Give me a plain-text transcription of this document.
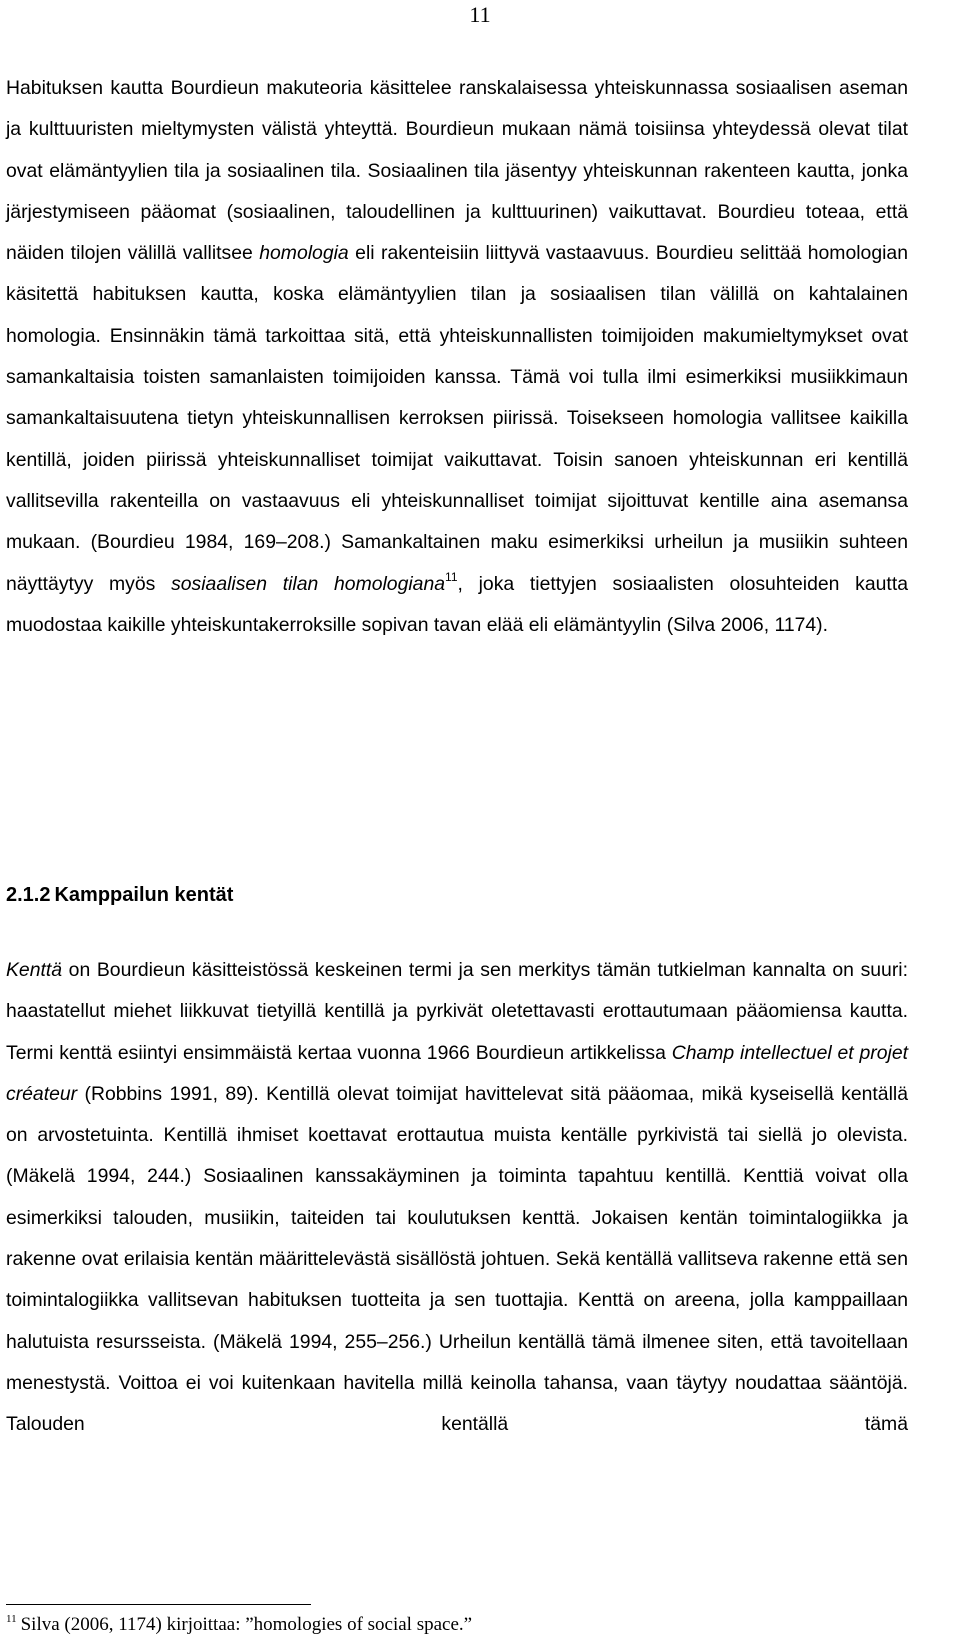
11

Habituksen kautta Bourdieun makuteoria käsittelee ranskalaisessa yhteiskunnassa sosiaalisen aseman ja kulttuuristen mieltymysten välistä yhteyttä. Bourdieun mukaan nämä toisiinsa yhteydessä olevat tilat ovat elämäntyylien tila ja sosiaalinen tila. Sosiaalinen tila jäsentyy yhteiskunnan rakenteen kautta, jonka järjestymiseen pääomat (sosiaalinen, taloudellinen ja kulttuurinen) vaikuttavat. Bourdieu toteaa, että näiden tilojen välillä vallitsee homologia eli rakenteisiin liittyvä vastaavuus. Bourdieu selittää homologian käsitettä habituksen kautta, koska elämäntyylien tilan ja sosiaalisen tilan välillä on kahtalainen homologia. Ensinnäkin tämä tarkoittaa sitä, että yhteiskunnallisten toimijoiden makumieltymykset ovat samankaltaisia toisten samanlaisten toimijoiden kanssa. Tämä voi tulla ilmi esimerkiksi musiikkimaun samankaltaisuutena tietyn yhteiskunnallisen kerroksen piirissä. Toisekseen homologia vallitsee kaikilla kentillä, joiden piirissä yhteiskunnalliset toimijat vaikuttavat. Toisin sanoen yhteiskunnan eri kentillä vallitsevilla rakenteilla on vastaavuus eli yhteiskunnalliset toimijat sijoittuvat kentille aina asemansa mukaan. (Bourdieu 1984, 169–208.) Samankaltainen maku esimerkiksi urheilun ja musiikin suhteen näyttäytyy myös sosiaalisen tilan homologiana$^{11}$, joka tiettyjen sosiaalisten olosuhteiden kautta muodostaa kaikille yhteiskuntakerroksille sopivan tavan elää eli elämäntyylin (Silva 2006, 1174).

2.1.2 Kamppailun kentät

Kenttä on Bourdieun käsitteistössä keskeinen termi ja sen merkitys tämän tutkielman kannalta on suuri: haastatellut miehet liikkuvat tietyillä kentillä ja pyrkivät oletettavasti erottautumaan pääomiensa kautta. Termi kenttä esiintyi ensimmäistä kertaa vuonna 1966 Bourdieun artikkelissa Champ intellectuel et projet créateur (Robbins 1991, 89). Kentillä olevat toimijat havittelevat sitä pääomaa, mikä kyseisellä kentällä on arvostetuinta. Kentillä ihmiset koettavat erottautua muista kentälle pyrkivistä tai siellä jo olevista. (Mäkelä 1994, 244.) Sosiaalinen kanssakäyminen ja toiminta tapahtuu kentillä. Kenttiä voivat olla esimerkiksi talouden, musiikin, taiteiden tai koulutuksen kenttä. Jokaisen kentän toimintalogiikka ja rakenne ovat erilaisia kentän määrittelevästä sisällöstä johtuen. Sekä kentällä vallitseva rakenne että sen toimintalogiikka vallitsevan habituksen tuotteita ja sen tuottajia. Kenttä on areena, jolla kamppaillaan halutuista resursseista. (Mäkelä 1994, 255–256.) Urheilun kentällä tämä ilmenee siten, että tavoitellaan menestystä. Voittoa ei voi kuitenkaan havitella millä keinolla tahansa, vaan täytyy noudattaa sääntöjä. Talouden kentällä tämä

$^{11}$ Silva (2006, 1174) kirjoittaa: ”homologies of social space.”
